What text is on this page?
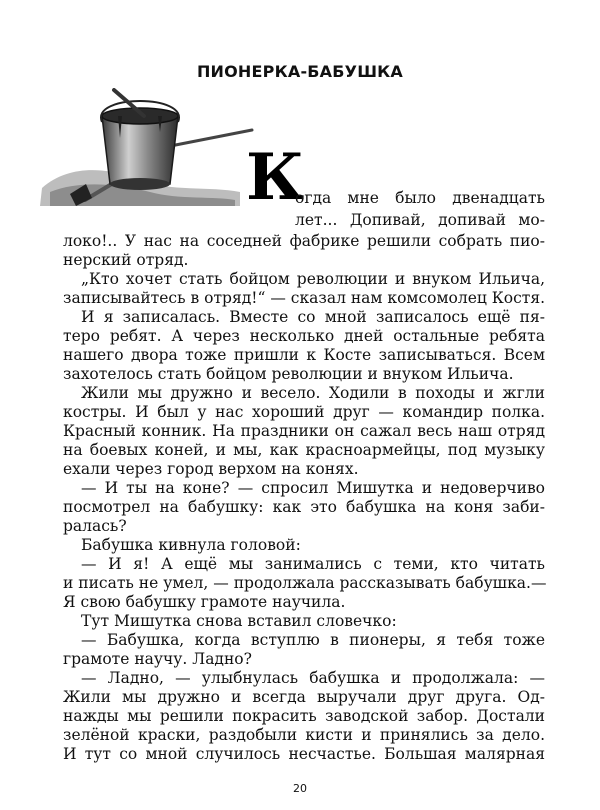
ПИОНЕРКА-БАБУШКА
К
огда мне было двенадцать
лет... Допивай, допивай мо-
локо!.. У нас на соседней фабрике решили собрать пио-
нерский отряд.
„Кто хочет стать бойцом революции и внуком Ильича,
записывайтесь в отряд!“ — сказал нам комсомолец Костя.
И я записалась. Вместе со мной записалось ещё пя-
теро ребят. А через несколько дней остальные ребята
нашего двора тоже пришли к Косте записываться. Всем
захотелось стать бойцом революции и внуком Ильича.
Жили мы дружно и весело. Ходили в походы и жгли
костры. И был у нас хороший друг — командир полка.
Красный конник. На праздники он сажал весь наш отряд
на боевых коней, и мы, как красноармейцы, под музыку
ехали через город верхом на конях.
— И ты на коне? — спросил Мишутка и недоверчиво
посмотрел на бабушку: как это бабушка на коня заби-
ралась?
Бабушка кивнула головой:
— И я! А ещё мы занимались с теми, кто читать
и писать не умел, — продолжала рассказывать бабушка.—
Я свою бабушку грамоте научила.
Тут Мишутка снова вставил словечко:
— Бабушка, когда вступлю в пионеры, я тебя тоже
грамоте научу. Ладно?
— Ладно, — улыбнулась бабушка и продолжала: —
Жили мы дружно и всегда выручали друг друга. Од-
нажды мы решили покрасить заводской забор. Достали
зелёной краски, раздобыли кисти и принялись за дело.
И тут со мной случилось несчастье. Большая малярная
20
